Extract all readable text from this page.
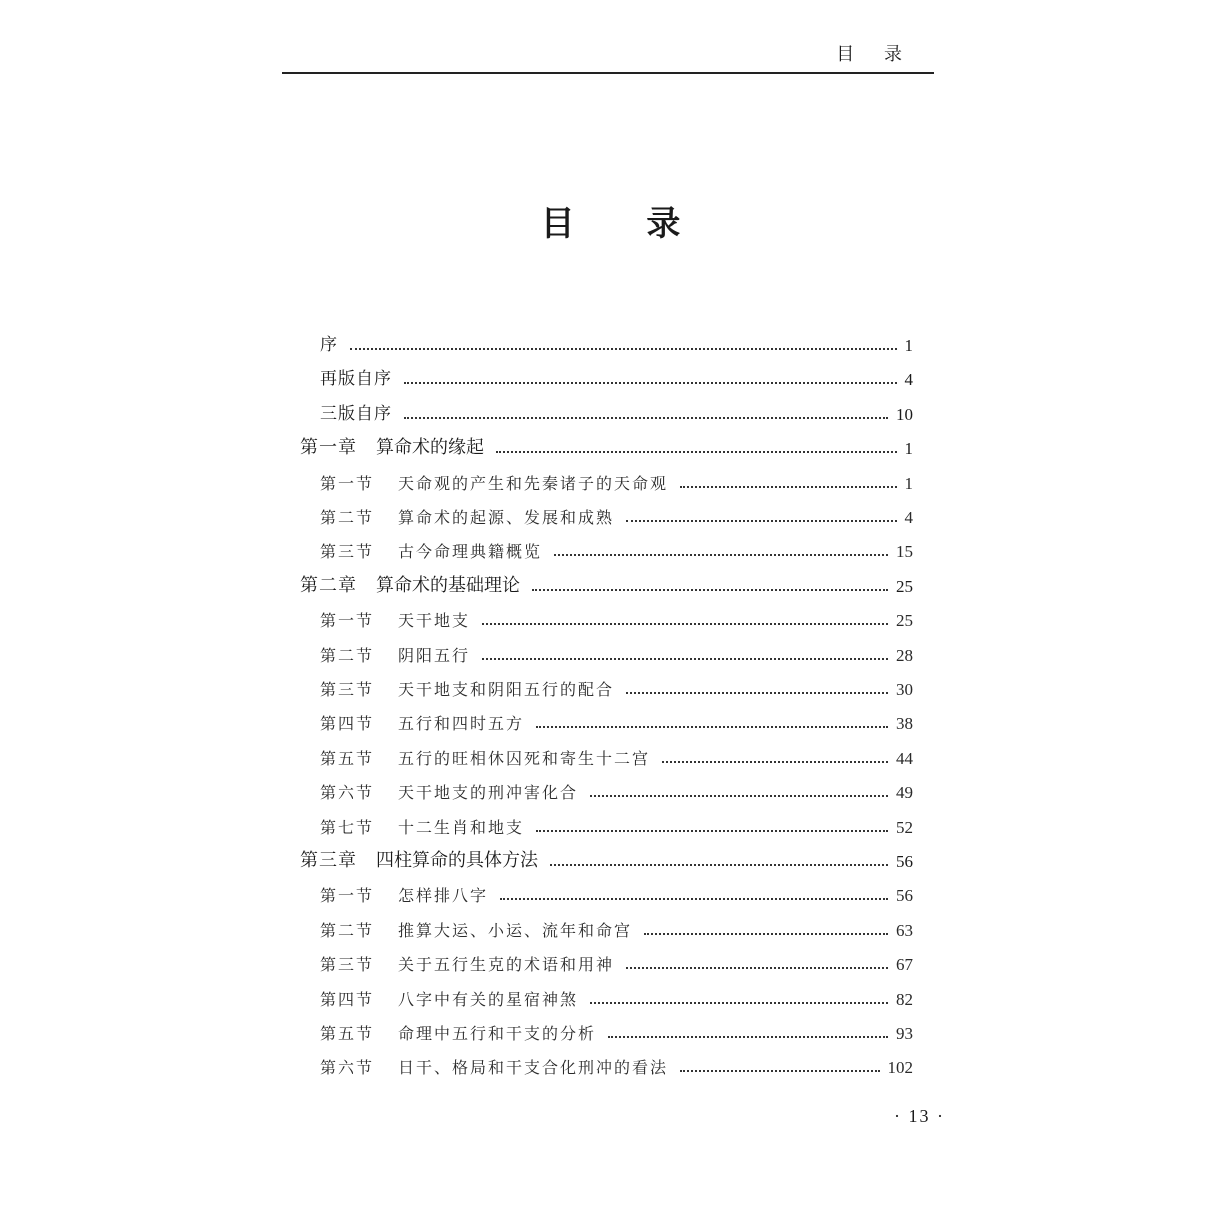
目 录
目 录
序	1
再版自序	4
三版自序	10
第一章	算命术的缘起	1
第一节	天命观的产生和先秦诸子的天命观	1
第二节	算命术的起源、发展和成熟	4
第三节	古今命理典籍概览	15
第二章	算命术的基础理论	25
第一节	天干地支	25
第二节	阴阳五行	28
第三节	天干地支和阴阳五行的配合	30
第四节	五行和四时五方	38
第五节	五行的旺相休囚死和寄生十二宫	44
第六节	天干地支的刑冲害化合	49
第七节	十二生肖和地支	52
第三章	四柱算命的具体方法	56
第一节	怎样排八字	56
第二节	推算大运、小运、流年和命宫	63
第三节	关于五行生克的术语和用神	67
第四节	八字中有关的星宿神煞	82
第五节	命理中五行和干支的分析	93
第六节	日干、格局和干支合化刑冲的看法	102
· 13 ·
